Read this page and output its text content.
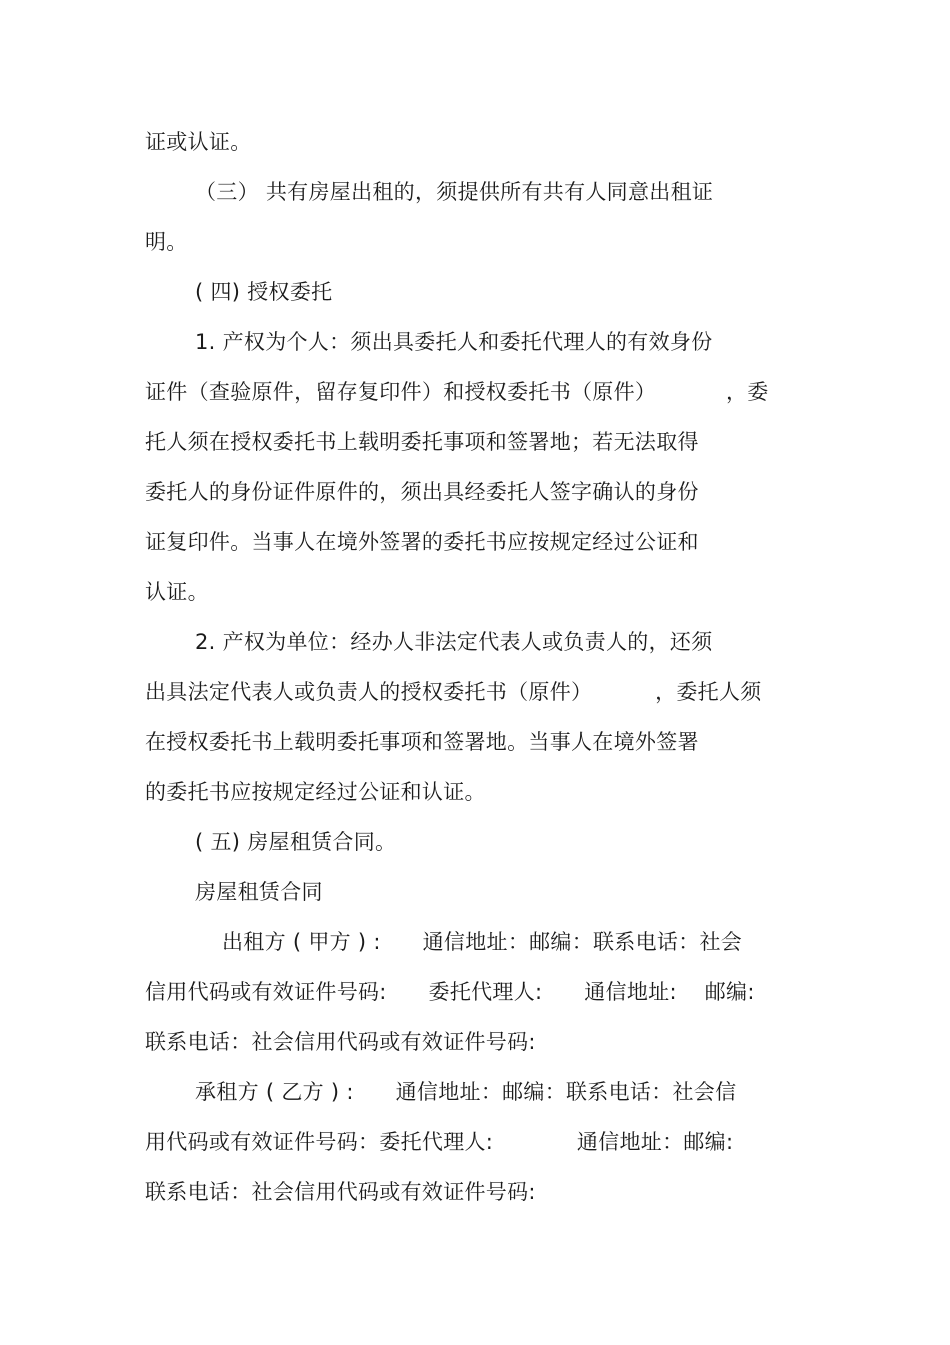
证或认证。
（三） 共有房屋出租的，须提供所有共有人同意出租证
明。
( 四) 授权委托
1. 产权为个人：须出具委托人和委托代理人的有效身份
证件（查验原件，留存复印件）和授权委托书（原件）          ，委
托人须在授权委托书上载明委托事项和签署地；若无法取得
委托人的身份证件原件的，须出具经委托人签字确认的身份
证复印件。当事人在境外签署的委托书应按规定经过公证和
认证。
2. 产权为单位：经办人非法定代表人或负责人的，还须
出具法定代表人或负责人的授权委托书（原件）         ，委托人须
在授权委托书上载明委托事项和签署地。当事人在境外签署
的委托书应按规定经过公证和认证。
( 五) 房屋租赁合同。
房屋租赁合同
出租方 ( 甲方 ) :      通信地址：邮编：联系电话：社会
信用代码或有效证件号码:      委托代理人:      通信地址:    邮编:
联系电话：社会信用代码或有效证件号码:
承租方 ( 乙方 ) :      通信地址：邮编：联系电话：社会信
用代码或有效证件号码：委托代理人:            通信地址：邮编:
联系电话：社会信用代码或有效证件号码:
